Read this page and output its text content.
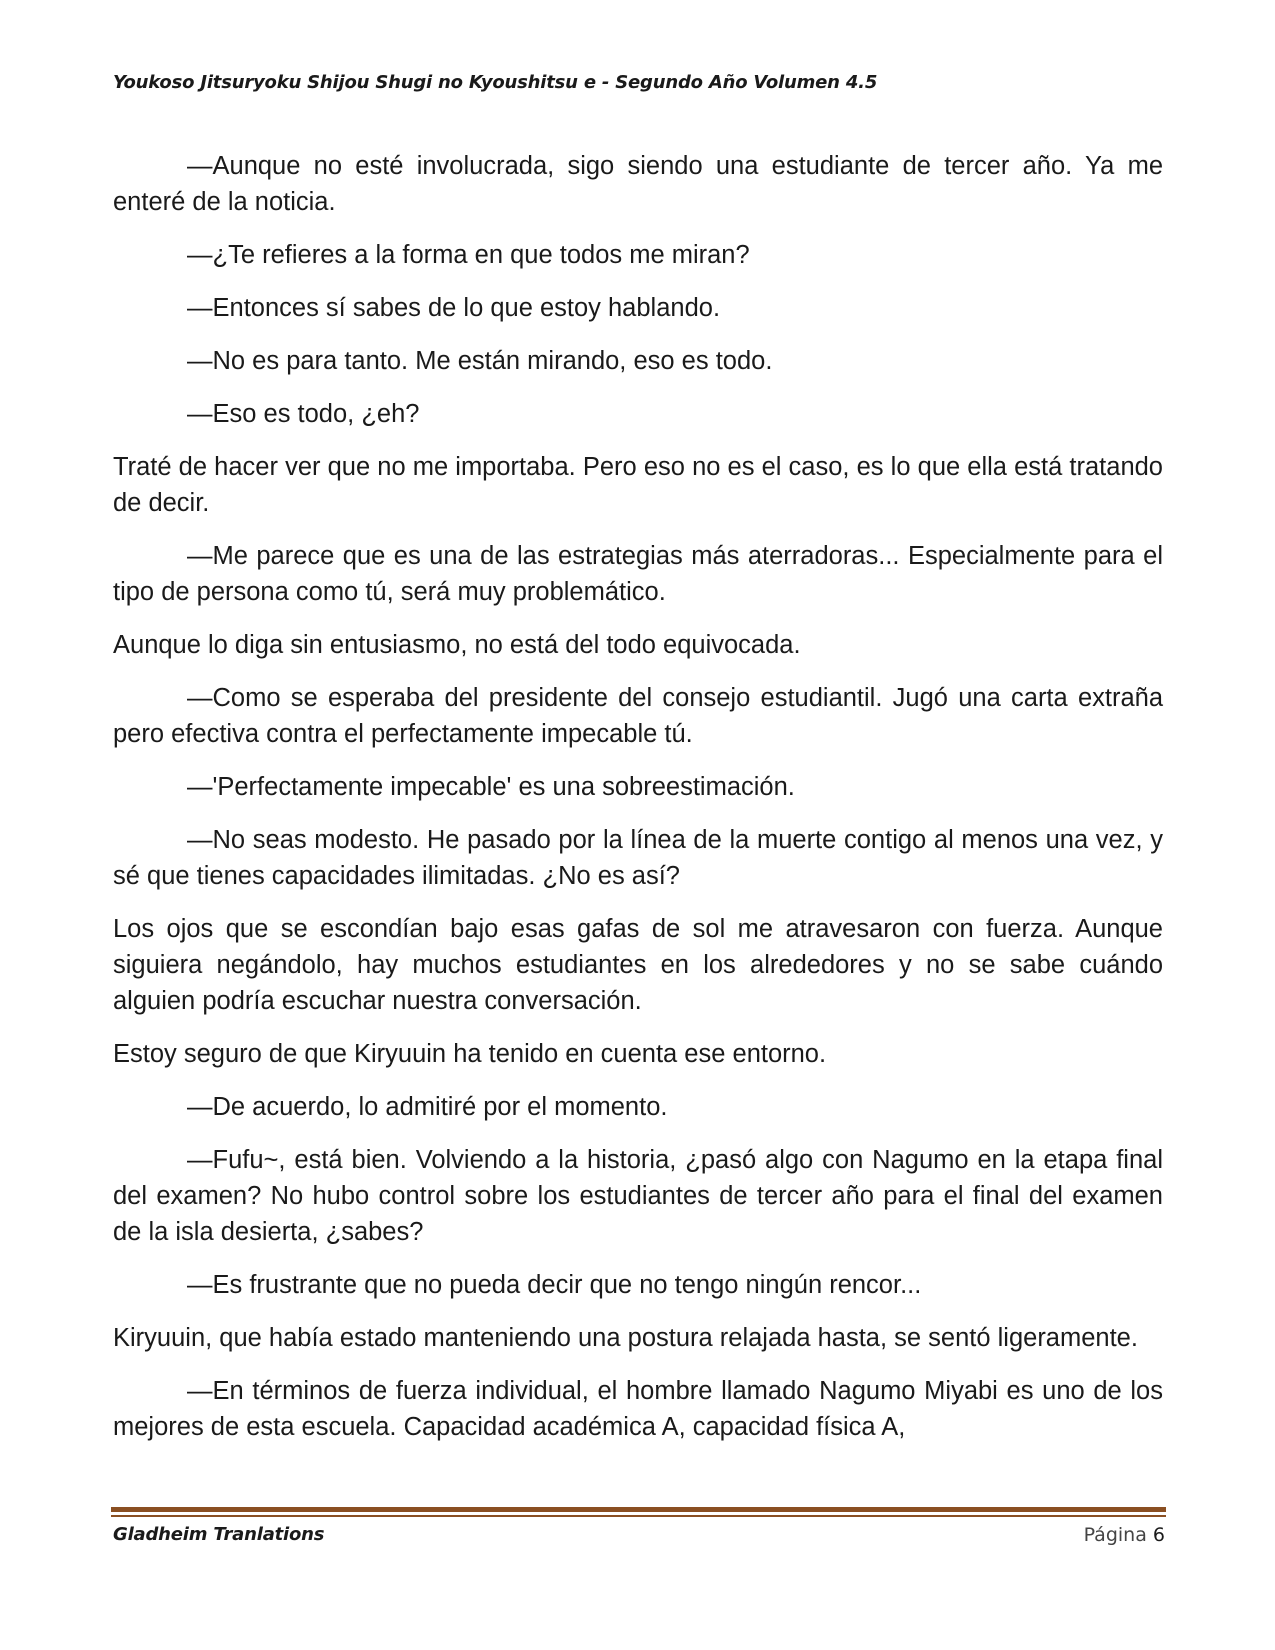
Youkoso Jitsuryoku Shijou Shugi no Kyoushitsu e - Segundo Año Volumen 4.5

—Aunque no esté involucrada, sigo siendo una estudiante de tercer año. Ya me enteré de la noticia.

—¿Te refieres a la forma en que todos me miran?

—Entonces sí sabes de lo que estoy hablando.

—No es para tanto. Me están mirando, eso es todo.

—Eso es todo, ¿eh?

Traté de hacer ver que no me importaba. Pero eso no es el caso, es lo que ella está tratando de decir.

—Me parece que es una de las estrategias más aterradoras... Especialmente para el tipo de persona como tú, será muy problemático.

Aunque lo diga sin entusiasmo, no está del todo equivocada.

—Como se esperaba del presidente del consejo estudiantil. Jugó una carta extraña pero efectiva contra el perfectamente impecable tú.

—'Perfectamente impecable' es una sobreestimación.

—No seas modesto. He pasado por la línea de la muerte contigo al menos una vez, y sé que tienes capacidades ilimitadas. ¿No es así?

Los ojos que se escondían bajo esas gafas de sol me atravesaron con fuerza. Aunque siguiera negándolo, hay muchos estudiantes en los alrededores y no se sabe cuándo alguien podría escuchar nuestra conversación.

Estoy seguro de que Kiryuuin ha tenido en cuenta ese entorno.

—De acuerdo, lo admitiré por el momento.

—Fufu~, está bien. Volviendo a la historia, ¿pasó algo con Nagumo en la etapa final del examen? No hubo control sobre los estudiantes de tercer año para el final del examen de la isla desierta, ¿sabes?

—Es frustrante que no pueda decir que no tengo ningún rencor...

Kiryuuin, que había estado manteniendo una postura relajada hasta, se sentó ligeramente.

—En términos de fuerza individual, el hombre llamado Nagumo Miyabi es uno de los mejores de esta escuela. Capacidad académica A, capacidad física A,

Gladheim Tranlations	Página 6
